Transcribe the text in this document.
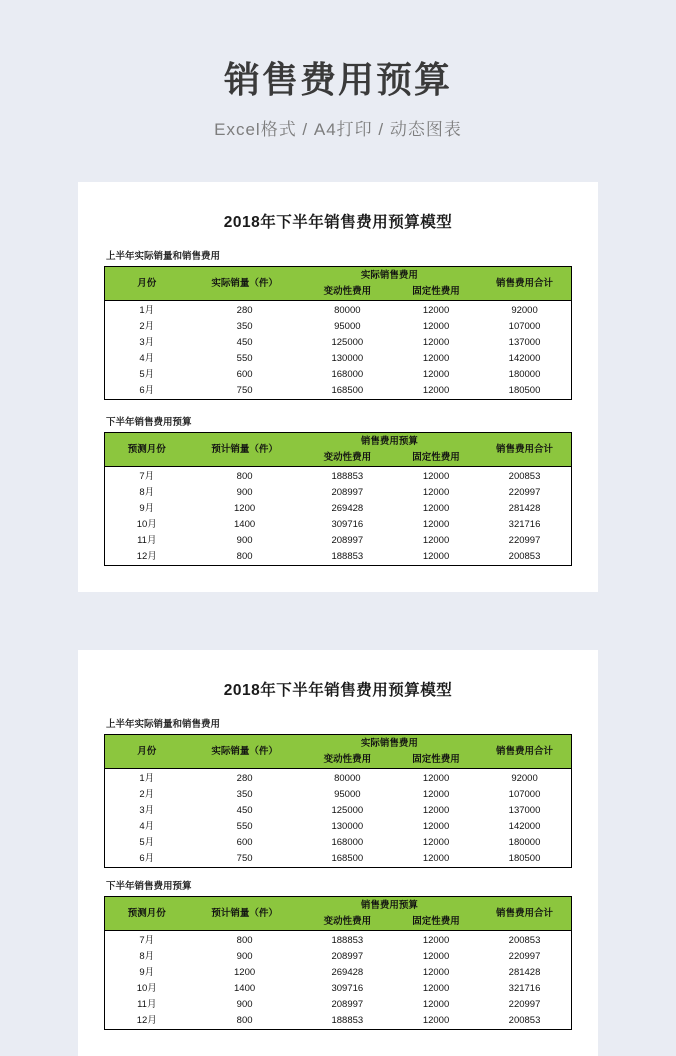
销售费用预算
Excel格式 / A4打印 / 动态图表
2018年下半年销售费用预算模型
上半年实际销量和销售费用
月份	实际销量（件）	实际销售费用		销售费用合计
		变动性费用	固定性费用	
1月	280	80000	12000	92000
2月	350	95000	12000	107000
3月	450	125000	12000	137000
4月	550	130000	12000	142000
5月	600	168000	12000	180000
6月	750	168500	12000	180500
下半年销售费用预算
预测月份	预计销量（件）	销售费用预算		销售费用合计
		变动性费用	固定性费用	
7月	800	188853	12000	200853
8月	900	208997	12000	220997
9月	1200	269428	12000	281428
10月	1400	309716	12000	321716
11月	900	208997	12000	220997
12月	800	188853	12000	200853
2018年下半年销售费用预算模型
上半年实际销量和销售费用
月份	实际销量（件）	实际销售费用		销售费用合计
		变动性费用	固定性费用	
1月	280	80000	12000	92000
2月	350	95000	12000	107000
3月	450	125000	12000	137000
4月	550	130000	12000	142000
5月	600	168000	12000	180000
6月	750	168500	12000	180500
下半年销售费用预算
预测月份	预计销量（件）	销售费用预算		销售费用合计
		变动性费用	固定性费用	
7月	800	188853	12000	200853
8月	900	208997	12000	220997
9月	1200	269428	12000	281428
10月	1400	309716	12000	321716
11月	900	208997	12000	220997
12月	800	188853	12000	200853
